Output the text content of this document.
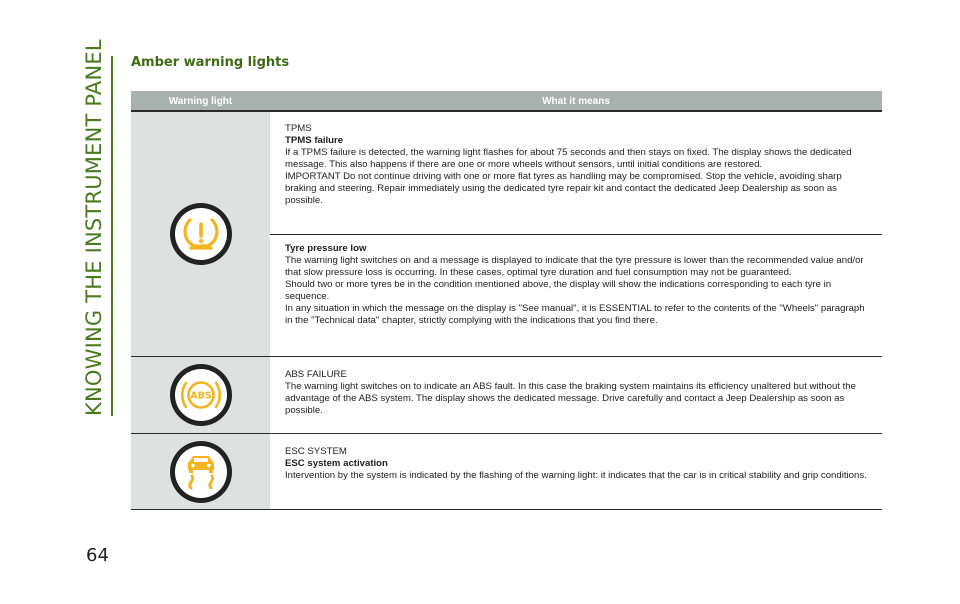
KNOWING THE INSTRUMENT PANEL
64
Amber warning lights
Warning light	What it means
TPMS
TPMS failure
If a TPMS failure is detected, the warning light flashes for about 75 seconds and then stays on fixed. The display shows the dedicated message. This also happens if there are one or more wheels without sensors, until initial conditions are restored.
IMPORTANT Do not continue driving with one or more flat tyres as handling may be compromised. Stop the vehicle, avoiding sharp braking and steering. Repair immediately using the dedicated tyre repair kit and contact the dedicated Jeep Dealership as soon as possible.
Tyre pressure low
The warning light switches on and a message is displayed to indicate that the tyre pressure is lower than the recommended value and/or that slow pressure loss is occurring. In these cases, optimal tyre duration and fuel consumption may not be guaranteed.
Should two or more tyres be in the condition mentioned above, the display will show the indications corresponding to each tyre in sequence.
In any situation in which the message on the display is "See manual", it is ESSENTIAL to refer to the contents of the "Wheels" paragraph in the "Technical data" chapter, strictly complying with the indications that you find there.
ABS
ABS FAILURE
The warning light switches on to indicate an ABS fault. In this case the braking system maintains its efficiency unaltered but without the advantage of the ABS system. The display shows the dedicated message. Drive carefully and contact a Jeep Dealership as soon as possible.
ESC SYSTEM
ESC system activation
Intervention by the system is indicated by the flashing of the warning light: it indicates that the car is in critical stability and grip conditions.
